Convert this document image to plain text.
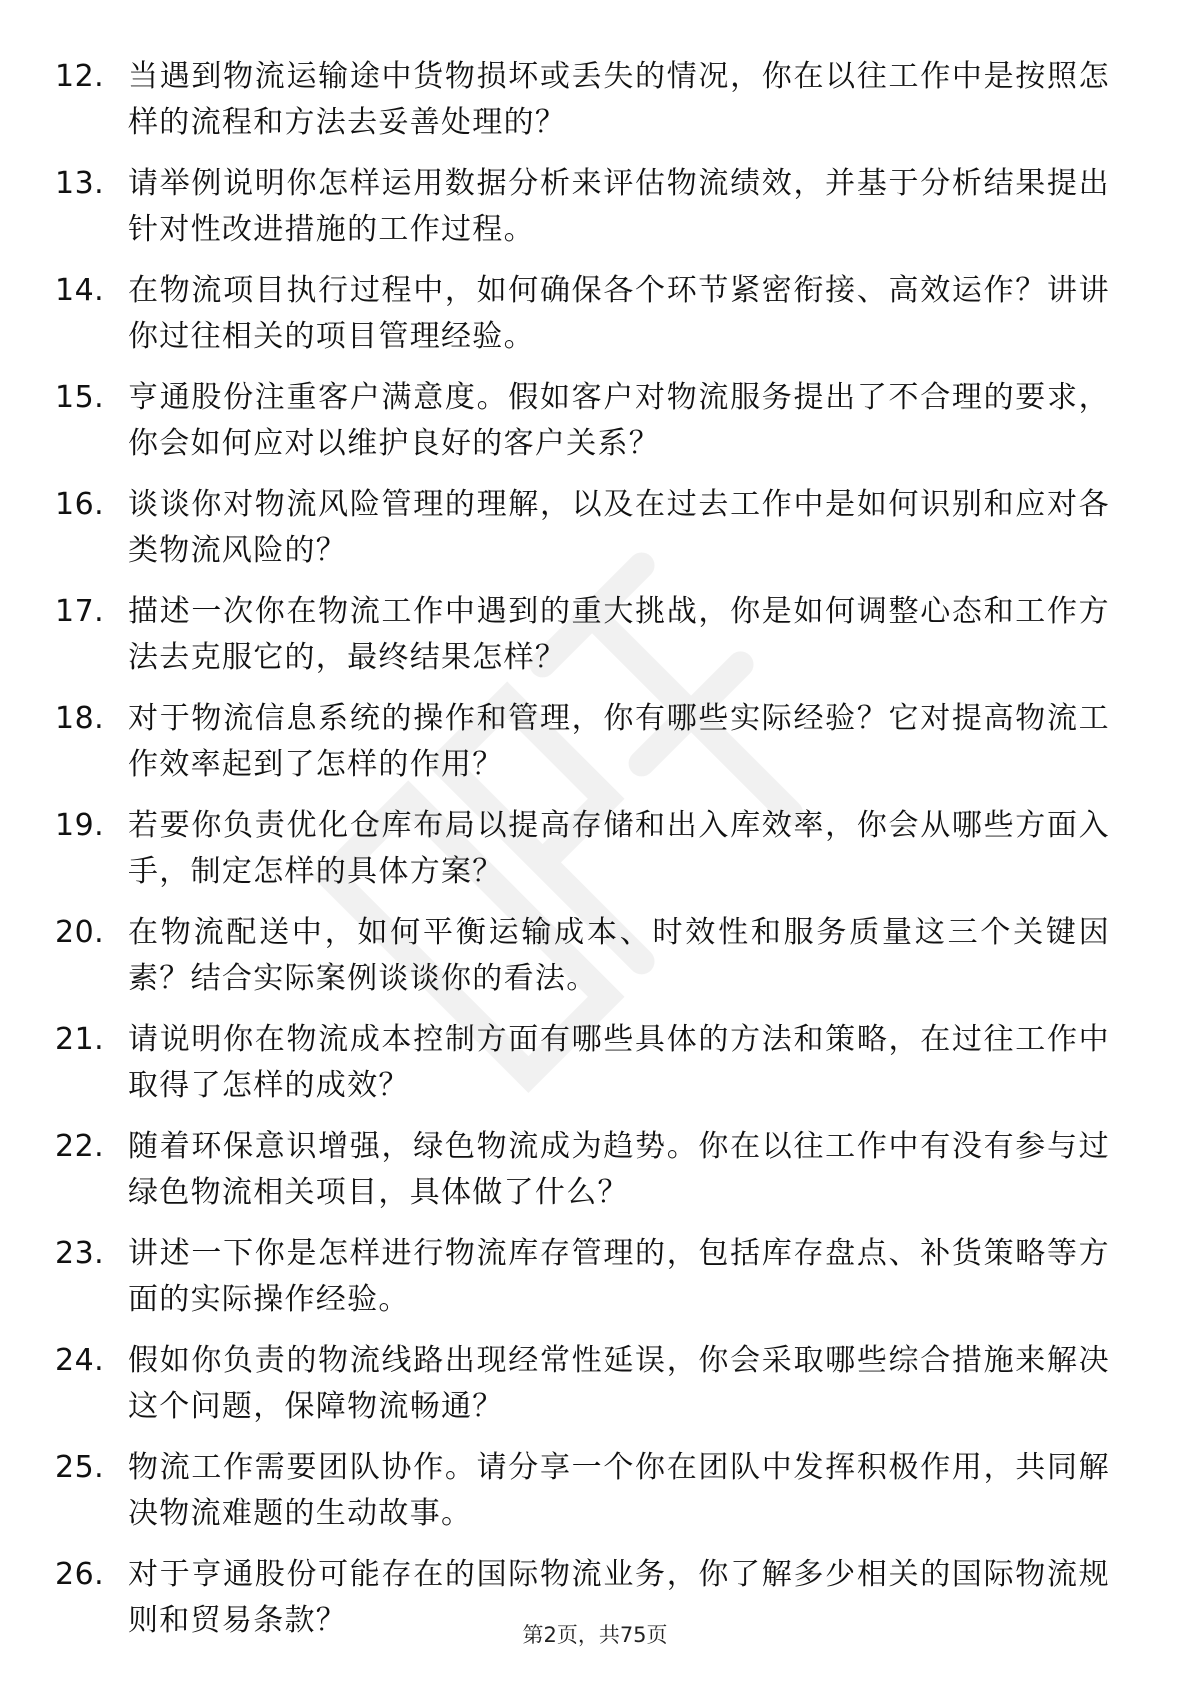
12. 当遇到物流运输途中货物损坏或丢失的情况，你在以往工作中是按照怎样的流程和方法去妥善处理的？
13. 请举例说明你怎样运用数据分析来评估物流绩效，并基于分析结果提出针对性改进措施的工作过程。
14. 在物流项目执行过程中，如何确保各个环节紧密衔接、高效运作？讲讲你过往相关的项目管理经验。
15. 亨通股份注重客户满意度。假如客户对物流服务提出了不合理的要求，你会如何应对以维护良好的客户关系？
16. 谈谈你对物流风险管理的理解，以及在过去工作中是如何识别和应对各类物流风险的？
17. 描述一次你在物流工作中遇到的重大挑战，你是如何调整心态和工作方法去克服它的，最终结果怎样？
18. 对于物流信息系统的操作和管理，你有哪些实际经验？它对提高物流工作效率起到了怎样的作用？
19. 若要你负责优化仓库布局以提高存储和出入库效率，你会从哪些方面入手，制定怎样的具体方案？
20. 在物流配送中，如何平衡运输成本、时效性和服务质量这三个关键因素？结合实际案例谈谈你的看法。
21. 请说明你在物流成本控制方面有哪些具体的方法和策略，在过往工作中取得了怎样的成效？
22. 随着环保意识增强，绿色物流成为趋势。你在以往工作中有没有参与过绿色物流相关项目，具体做了什么？
23. 讲述一下你是怎样进行物流库存管理的，包括库存盘点、补货策略等方面的实际操作经验。
24. 假如你负责的物流线路出现经常性延误，你会采取哪些综合措施来解决这个问题，保障物流畅通？
25. 物流工作需要团队协作。请分享一个你在团队中发挥积极作用，共同解决物流难题的生动故事。
26. 对于亨通股份可能存在的国际物流业务，你了解多少相关的国际物流规则和贸易条款？	第2页，共75页
